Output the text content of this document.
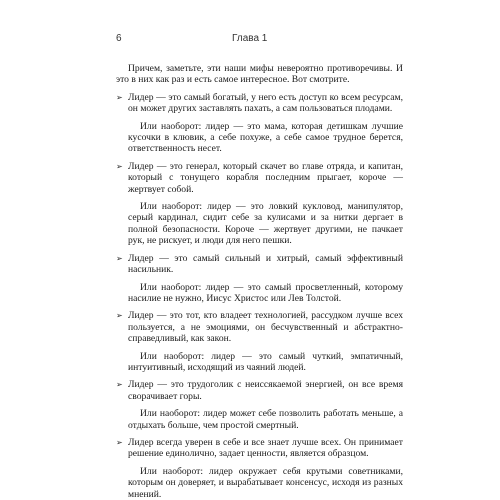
6	Глава 1

Причем, заметьте, эти наши мифы невероятно противоречивы. И это в них как раз и есть самое интересное. Вот смотрите.

➢ Лидер — это самый богатый, у него есть доступ ко всем ресурсам, он может других заставлять пахать, а сам пользоваться плодами.

Или наоборот: лидер — это мама, которая детишкам лучшие кусочки в клювик, а себе похуже, а себе самое трудное берется, ответственность несет.

➢ Лидер — это генерал, который скачет во главе отряда, и капитан, который с тонущего корабля последним прыгает, короче — жертвует собой.

Или наоборот: лидер — это ловкий кукловод, манипулятор, серый кардинал, сидит себе за кулисами и за нитки дергает в полной безопасности. Короче — жертвует другими, не пачкает рук, не рискует, и люди для него пешки.

➢ Лидер — это самый сильный и хитрый, самый эффективный насильник.

Или наоборот: лидер — это самый просветленный, которому насилие не нужно, Иисус Христос или Лев Толстой.

➢ Лидер — это тот, кто владеет технологией, рассудком лучше всех пользуется, а не эмоциями, он бесчувственный и абстрактно-справедливый, как закон.

Или наоборот: лидер — это самый чуткий, эмпатичный, интуитивный, исходящий из чаяний людей.

➢ Лидер — это трудоголик с неиссякаемой энергией, он все время сворачивает горы.

Или наоборот: лидер может себе позволить работать меньше, а отдыхать больше, чем простой смертный.

➢ Лидер всегда уверен в себе и все знает лучше всех. Он принимает решение единолично, задает ценности, является образцом.

Или наоборот: лидер окружает себя крутыми советниками, которым он доверяет, и вырабатывает консенсус, исходя из разных мнений.
